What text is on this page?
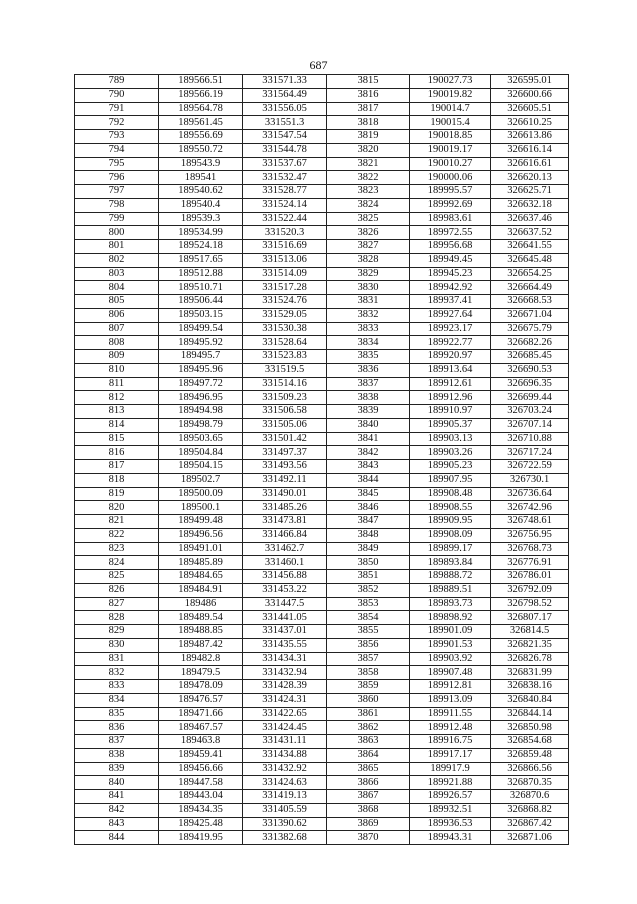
687
789	189566.51	331571.33	3815	190027.73	326595.01
790	189566.19	331564.49	3816	190019.82	326600.66
791	189564.78	331556.05	3817	190014.7	326605.51
792	189561.45	331551.3	3818	190015.4	326610.25
793	189556.69	331547.54	3819	190018.85	326613.86
794	189550.72	331544.78	3820	190019.17	326616.14
795	189543.9	331537.67	3821	190010.27	326616.61
796	189541	331532.47	3822	190000.06	326620.13
797	189540.62	331528.77	3823	189995.57	326625.71
798	189540.4	331524.14	3824	189992.69	326632.18
799	189539.3	331522.44	3825	189983.61	326637.46
800	189534.99	331520.3	3826	189972.55	326637.52
801	189524.18	331516.69	3827	189956.68	326641.55
802	189517.65	331513.06	3828	189949.45	326645.48
803	189512.88	331514.09	3829	189945.23	326654.25
804	189510.71	331517.28	3830	189942.92	326664.49
805	189506.44	331524.76	3831	189937.41	326668.53
806	189503.15	331529.05	3832	189927.64	326671.04
807	189499.54	331530.38	3833	189923.17	326675.79
808	189495.92	331528.64	3834	189922.77	326682.26
809	189495.7	331523.83	3835	189920.97	326685.45
810	189495.96	331519.5	3836	189913.64	326690.53
811	189497.72	331514.16	3837	189912.61	326696.35
812	189496.95	331509.23	3838	189912.96	326699.44
813	189494.98	331506.58	3839	189910.97	326703.24
814	189498.79	331505.06	3840	189905.37	326707.14
815	189503.65	331501.42	3841	189903.13	326710.88
816	189504.84	331497.37	3842	189903.26	326717.24
817	189504.15	331493.56	3843	189905.23	326722.59
818	189502.7	331492.11	3844	189907.95	326730.1
819	189500.09	331490.01	3845	189908.48	326736.64
820	189500.1	331485.26	3846	189908.55	326742.96
821	189499.48	331473.81	3847	189909.95	326748.61
822	189496.56	331466.84	3848	189908.09	326756.95
823	189491.01	331462.7	3849	189899.17	326768.73
824	189485.89	331460.1	3850	189893.84	326776.91
825	189484.65	331456.88	3851	189888.72	326786.01
826	189484.91	331453.22	3852	189889.51	326792.09
827	189486	331447.5	3853	189893.73	326798.52
828	189489.54	331441.05	3854	189898.92	326807.17
829	189488.85	331437.01	3855	189901.09	326814.5
830	189487.42	331435.55	3856	189901.53	326821.35
831	189482.8	331434.31	3857	189903.92	326826.78
832	189479.5	331432.94	3858	189907.48	326831.99
833	189478.09	331428.39	3859	189912.81	326838.16
834	189476.57	331424.31	3860	189913.09	326840.84
835	189471.66	331422.65	3861	189911.55	326844.14
836	189467.57	331424.45	3862	189912.48	326850.98
837	189463.8	331431.11	3863	189916.75	326854.68
838	189459.41	331434.88	3864	189917.17	326859.48
839	189456.66	331432.92	3865	189917.9	326866.56
840	189447.58	331424.63	3866	189921.88	326870.35
841	189443.04	331419.13	3867	189926.57	326870.6
842	189434.35	331405.59	3868	189932.51	326868.82
843	189425.48	331390.62	3869	189936.53	326867.42
844	189419.95	331382.68	3870	189943.31	326871.06
